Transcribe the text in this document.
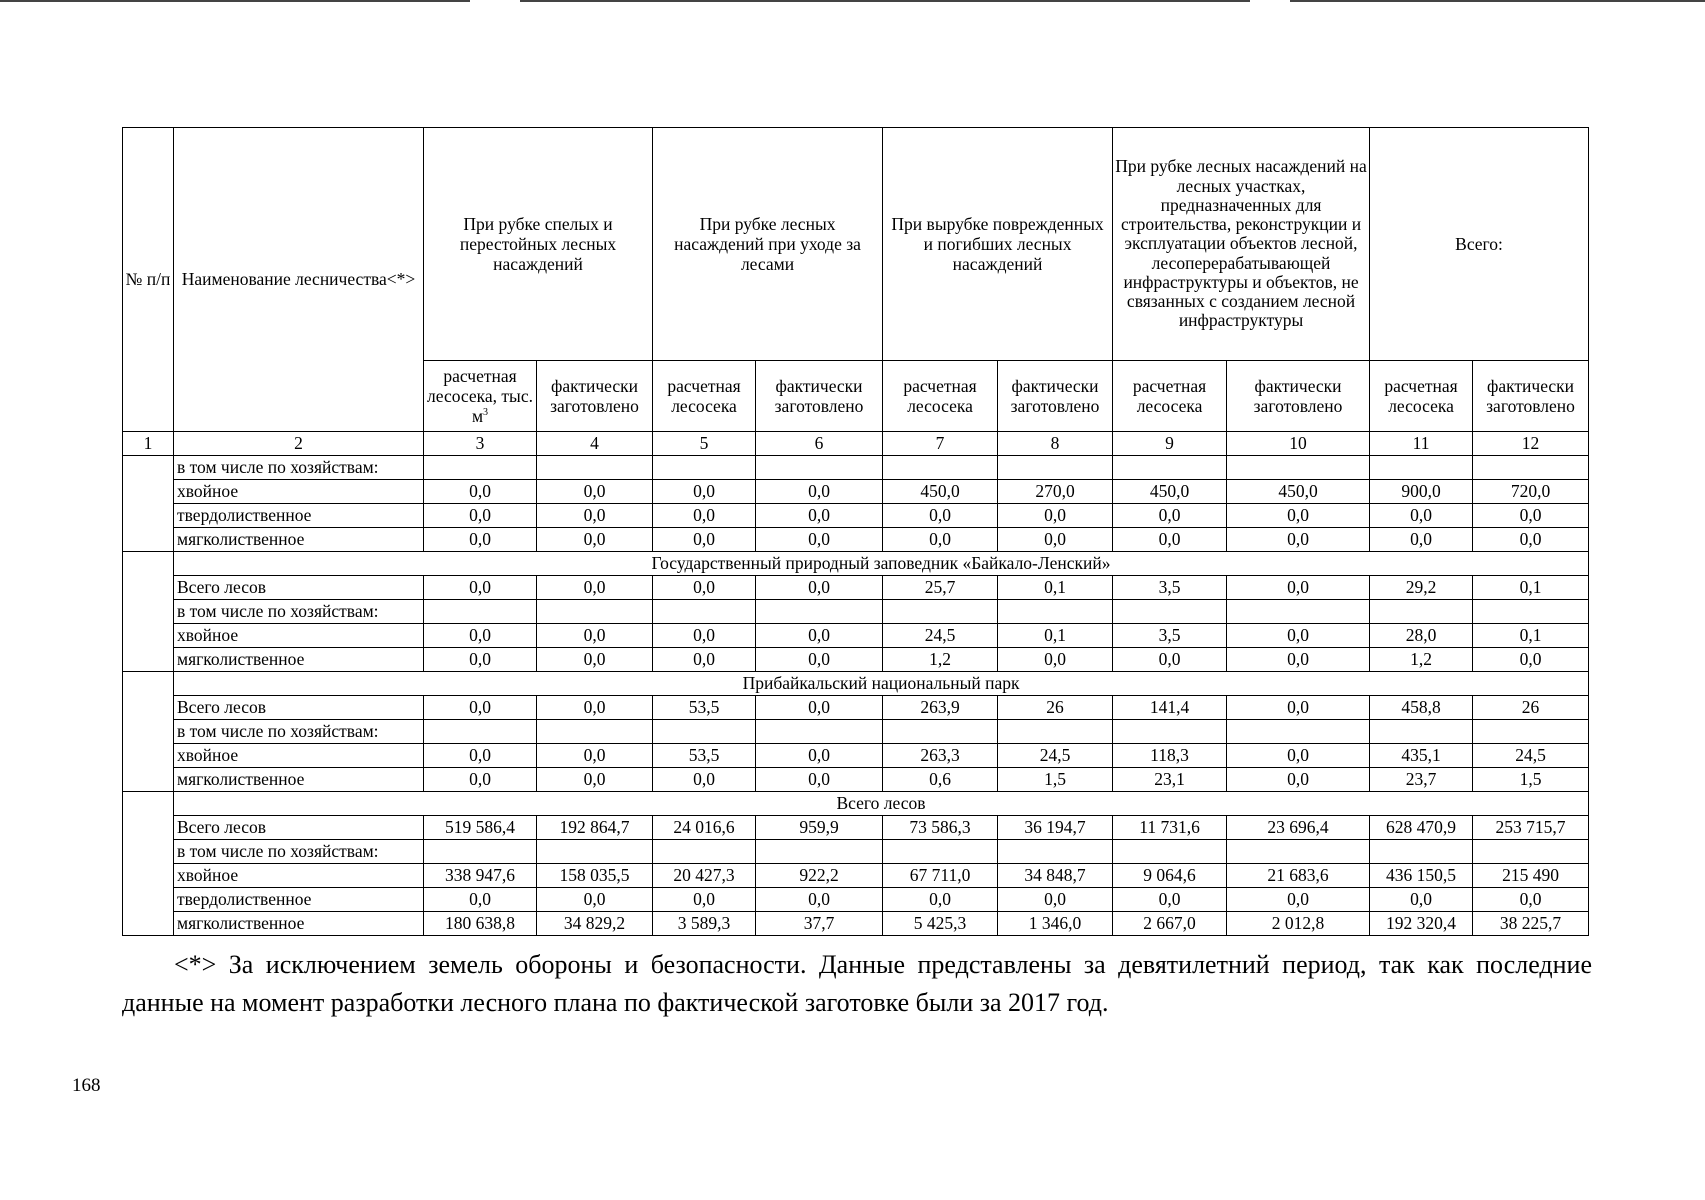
№ п/п	Наименование лесничества<*>	При рубке спелых и перестойных лесных насаждений		При рубке лесных насаждений при уходе за лесами		При вырубке поврежденных и погибших лесных насаждений		При рубке лесных насаждений на лесных участках, предназначенных для строительства, реконструкции и эксплуатации объектов лесной, лесоперерабатывающей инфраструктуры и объектов, не связанных с созданием лесной инфраструктуры		Всего:	
		расчетная лесосека, тыс. $м^3$	фактически заготовлено	расчетная лесосека	фактически заготовлено	расчетная лесосека	фактически заготовлено	расчетная лесосека	фактически заготовлено	расчетная лесосека	фактически заготовлено
1	2	3	4	5	6	7	8	9	10	11	12
	в том числе по хозяйствам:										
	хвойное	0,0	0,0	0,0	0,0	450,0	270,0	450,0	450,0	900,0	720,0
	твердолиственное	0,0	0,0	0,0	0,0	0,0	0,0	0,0	0,0	0,0	0,0
	мягколиственное	0,0	0,0	0,0	0,0	0,0	0,0	0,0	0,0	0,0	0,0
	Государственный природный заповедник «Байкало-Ленский»										
	Всего лесов	0,0	0,0	0,0	0,0	25,7	0,1	3,5	0,0	29,2	0,1
	в том числе по хозяйствам:										
	хвойное	0,0	0,0	0,0	0,0	24,5	0,1	3,5	0,0	28,0	0,1
	мягколиственное	0,0	0,0	0,0	0,0	1,2	0,0	0,0	0,0	1,2	0,0
	Прибайкальский национальный парк										
	Всего лесов	0,0	0,0	53,5	0,0	263,9	26	141,4	0,0	458,8	26
	в том числе по хозяйствам:										
	хвойное	0,0	0,0	53,5	0,0	263,3	24,5	118,3	0,0	435,1	24,5
	мягколиственное	0,0	0,0	0,0	0,0	0,6	1,5	23,1	0,0	23,7	1,5
	Всего лесов										
	Всего лесов	519 586,4	192 864,7	24 016,6	959,9	73 586,3	36 194,7	11 731,6	23 696,4	628 470,9	253 715,7
	в том числе по хозяйствам:										
	хвойное	338 947,6	158 035,5	20 427,3	922,2	67 711,0	34 848,7	9 064,6	21 683,6	436 150,5	215 490
	твердолиственное	0,0	0,0	0,0	0,0	0,0	0,0	0,0	0,0	0,0	0,0
	мягколиственное	180 638,8	34 829,2	3 589,3	37,7	5 425,3	1 346,0	2 667,0	2 012,8	192 320,4	38 225,7
<*> За исключением земель обороны и безопасности. Данные представлены за девятилетний период, так как последние данные на момент разработки лесного плана по фактической заготовке были за 2017 год.
168
